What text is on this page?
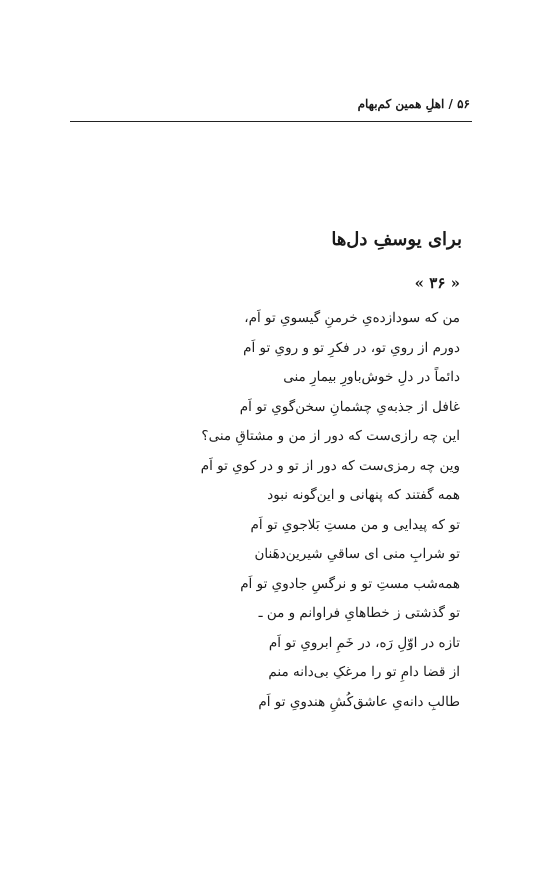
۵۶ / اهلِ همین کم‌بهام
برای یوسفِ دل‌ها
« ۳۶ »
من که سودازده‌یِ خرمنِ گیسویِ تو اَم،
دورم از رویِ تو، در فکرِ تو و رویِ تو اَم
دائماً در دلِ خوش‌باورِ بیمارِ منی
غافل از جذبه‌یِ چشمانِ سخن‌گویِ تو اَم
این چه رازی‌ست که دور از من و مشتاقِ منی؟
وین چه رمزی‌ست که دور از تو و در کویِ تو اَم
همه گفتند که پنهانی و این‌گونه نبود
تو که پیدایی و من مستِ بَلاجویِ تو اَم
تو شرابِ منی ای ساقیِ شیرین‌دهَنان
همه‌شب مستِ تو و نرگسِ جادویِ تو اَم
تو گذشتی ز خطاهایِ فراوانم و من ـ
تازه در اوّلِ رَه، در خَمِ ابرویِ تو اَم
از قضا دامِ تو را مرغکِ بی‌دانه منم
طالبِ دانه‌یِ عاشق‌کُشِ هندویِ تو اَم
